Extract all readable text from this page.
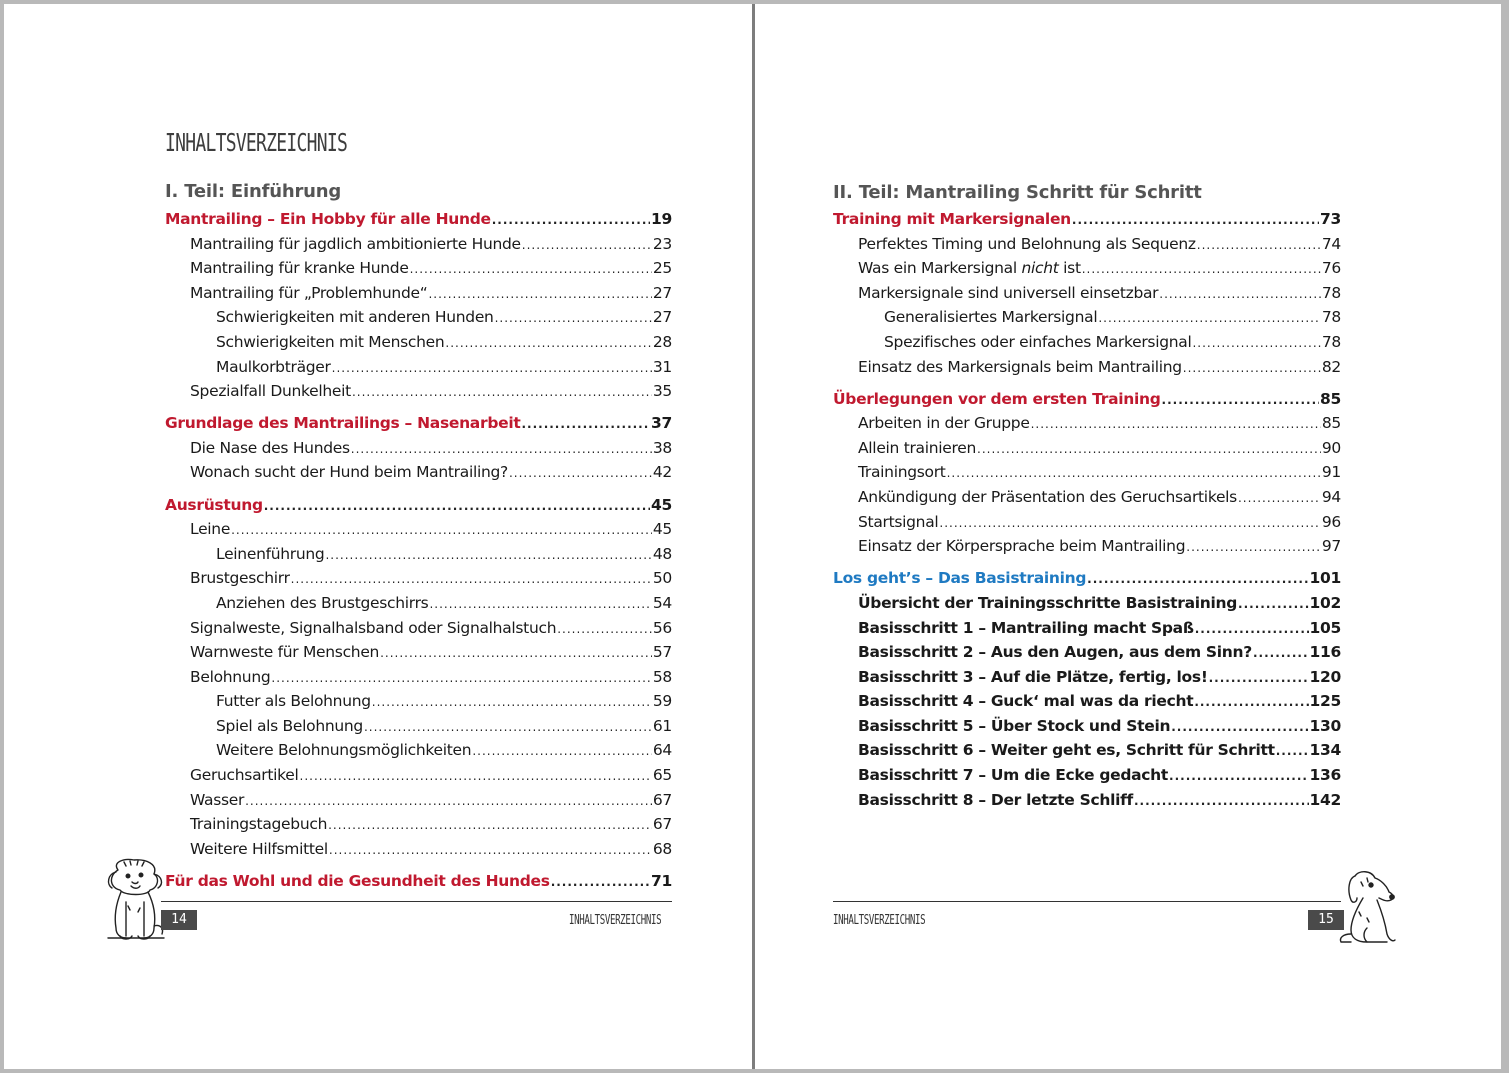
INHALTSVERZEICHNIS
I. Teil: Einführung
Mantrailing – Ein Hobby für alle Hunde .....	19
Mantrailing für jagdlich ambitionierte Hunde .....	23
Mantrailing für kranke Hunde .....	25
Mantrailing für „Problemhunde“ .....	27
Schwierigkeiten mit anderen Hunden .....	27
Schwierigkeiten mit Menschen .....	28
Maulkorbträger .....	31
Spezialfall Dunkelheit .....	35
Grundlage des Mantrailings – Nasenarbeit .....	37
Die Nase des Hundes .....	38
Wonach sucht der Hund beim Mantrailing? .....	42
Ausrüstung .....	45
Leine .....	45
Leinenführung .....	48
Brustgeschirr .....	50
Anziehen des Brustgeschirrs .....	54
Signalweste, Signalhalsband oder Signalhalstuch .....	56
Warnweste für Menschen .....	57
Belohnung .....	58
Futter als Belohnung .....	59
Spiel als Belohnung .....	61
Weitere Belohnungsmöglichkeiten .....	64
Geruchsartikel .....	65
Wasser .....	67
Trainingstagebuch .....	67
Weitere Hilfsmittel .....	68
Für das Wohl und die Gesundheit des Hundes .....	71
14	INHALTSVERZEICHNIS
II. Teil: Mantrailing Schritt für Schritt
Training mit Markersignalen .....	73
Perfektes Timing und Belohnung als Sequenz .....	74
Was ein Markersignal nicht ist .....	76
Markersignale sind universell einsetzbar .....	78
Generalisiertes Markersignal .....	78
Spezifisches oder einfaches Markersignal .....	78
Einsatz des Markersignals beim Mantrailing .....	82
Überlegungen vor dem ersten Training .....	85
Arbeiten in der Gruppe .....	85
Allein trainieren .....	90
Trainingsort .....	91
Ankündigung der Präsentation des Geruchsartikels .....	94
Startsignal .....	96
Einsatz der Körpersprache beim Mantrailing .....	97
Los geht’s – Das Basistraining .....	101
Übersicht der Trainingsschritte Basistraining .....	102
Basisschritt 1 – Mantrailing macht Spaß .....	105
Basisschritt 2 – Aus den Augen, aus dem Sinn? .....	116
Basisschritt 3 – Auf die Plätze, fertig, los! .....	120
Basisschritt 4 – Guck‘ mal was da riecht .....	125
Basisschritt 5 – Über Stock und Stein .....	130
Basisschritt 6 – Weiter geht es, Schritt für Schritt ..... 134
Basisschritt 7 – Um die Ecke gedacht .....	136
Basisschritt 8 – Der letzte Schliff .....	142
INHALTSVERZEICHNIS	15
